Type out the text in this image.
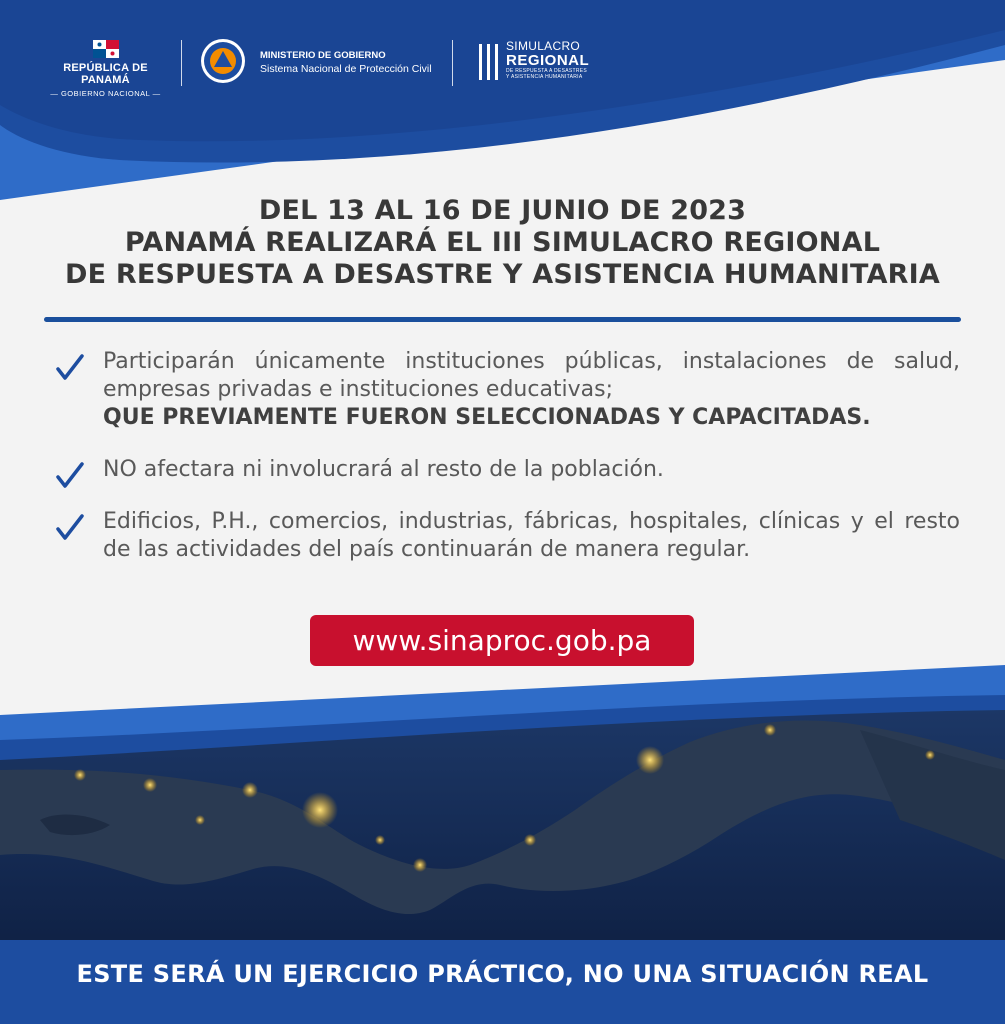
REPÚBLICA DE PANAMÁ
— GOBIERNO NACIONAL —
MINISTERIO DE GOBIERNO
Sistema Nacional de Protección Civil
SIMULACRO
REGIONAL
DE RESPUESTA A DESASTRES
Y ASISTENCIA HUMANITARIA
DEL 13 AL 16 DE JUNIO DE 2023
PANAMÁ REALIZARÁ EL III SIMULACRO REGIONAL
DE RESPUESTA A DESASTRE Y ASISTENCIA HUMANITARIA
Participarán únicamente instituciones públicas, instalaciones de salud, empresas privadas e instituciones educativas;
QUE PREVIAMENTE FUERON SELECCIONADAS Y CAPACITADAS.
NO afectara ni involucrará al resto de la población.
Edificios, P.H., comercios, industrias, fábricas, hospitales, clínicas y el resto de las actividades del país continuarán de manera regular.
www.sinaproc.gob.pa
ESTE SERÁ UN EJERCICIO PRÁCTICO, NO UNA SITUACIÓN REAL
